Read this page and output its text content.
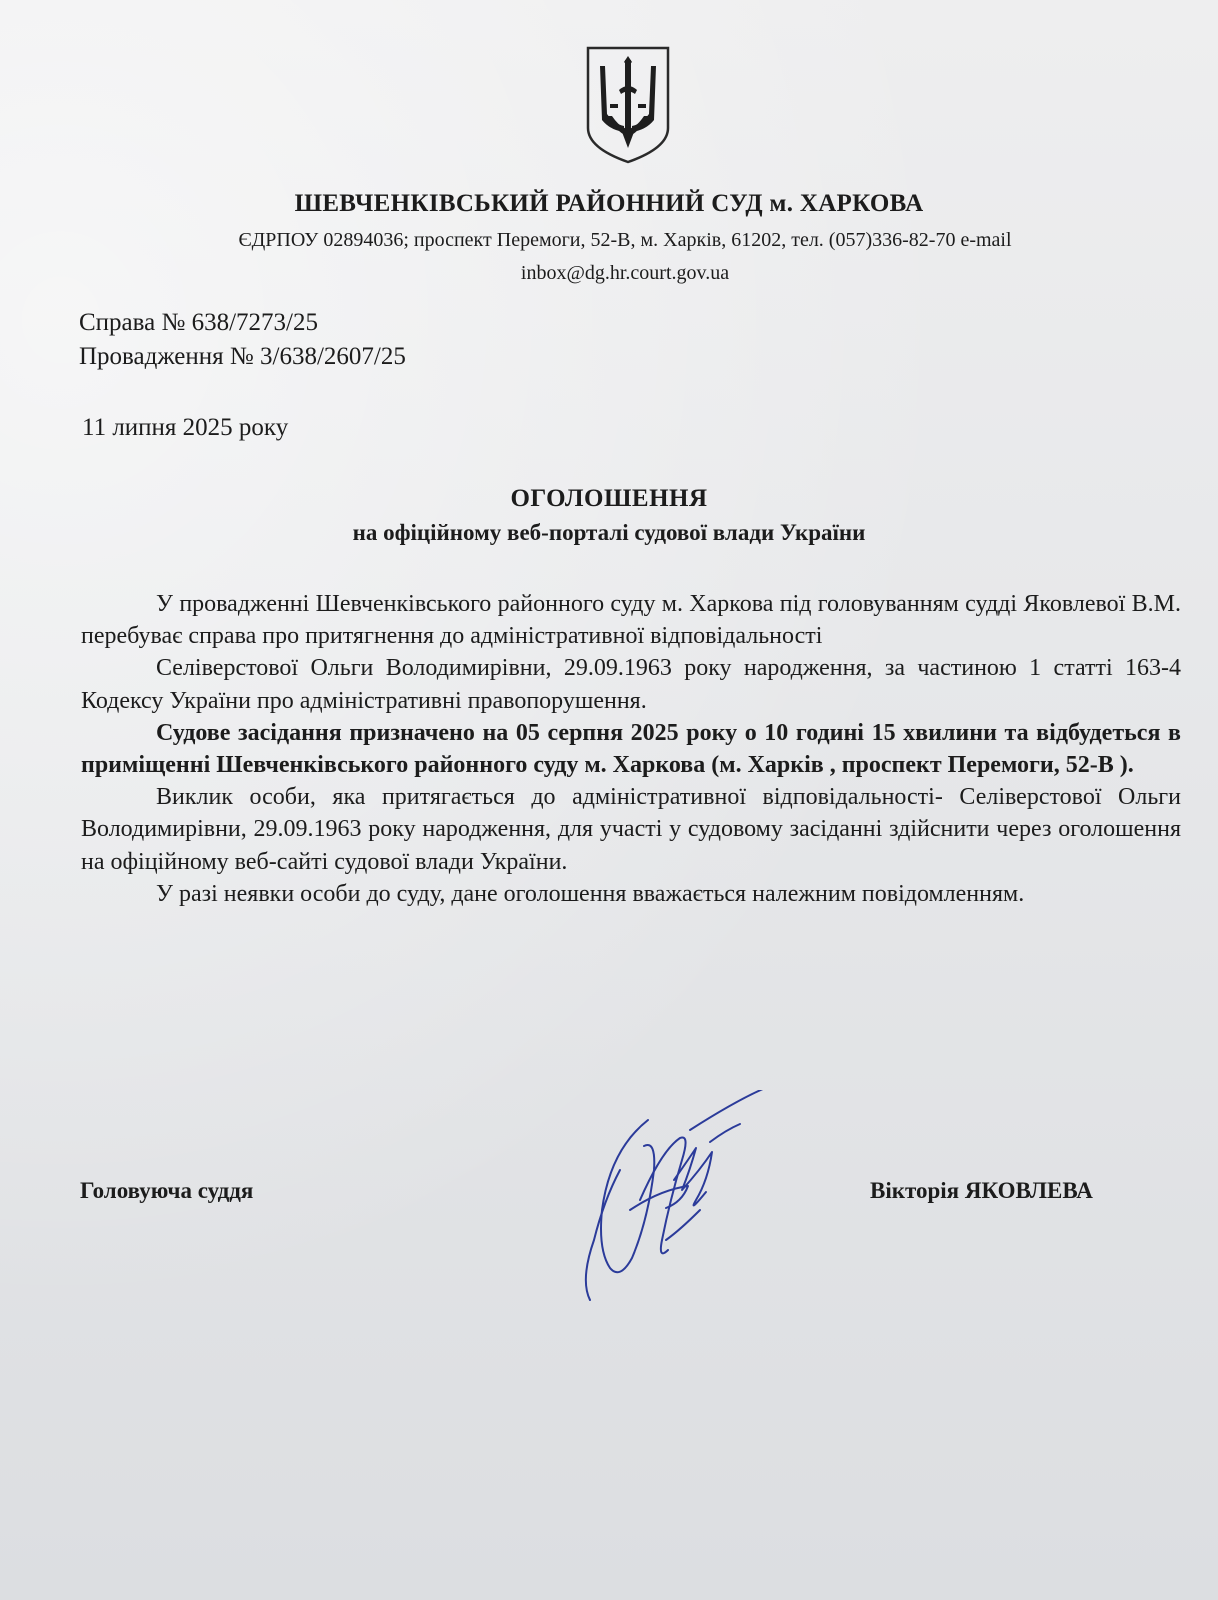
ШЕВЧЕНКІВСЬКИЙ РАЙОННИЙ СУД м. ХАРКОВА
ЄДРПОУ 02894036; проспект Перемоги, 52-В, м. Харків, 61202, тел. (057)336-82-70 e-mail
inbox@dg.hr.court.gov.ua
Справа № 638/7273/25
Провадження № 3/638/2607/25
11 липня 2025 року
ОГОЛОШЕННЯ
на офіційному веб-порталі судової влади України

У провадженні Шевченківського районного суду м. Харкова під головуванням судді Яковлевої В.М. перебуває справа про притягнення до адміністративної відповідальності

Селіверстової Ольги Володимирівни, 29.09.1963 року народження, за частиною 1 статті 163-4 Кодексу України про адміністративні правопорушення.

Судове засідання призначено на 05 серпня 2025 року о 10 годині 15 хвилини та відбудеться в приміщенні Шевченківського районного суду м. Харкова (м. Харків , проспект Перемоги, 52-В ).

Виклик особи, яка притягається до адміністративної відповідальності- Селіверстової Ольги Володимирівни, 29.09.1963 року народження, для участі у судовому засіданні здійснити через оголошення на офіційному веб-сайті судової влади України.

У разі неявки особи до суду, дане оголошення вважається належним повідомленням.

Головуюча суддя	Вікторія ЯКОВЛЕВА
